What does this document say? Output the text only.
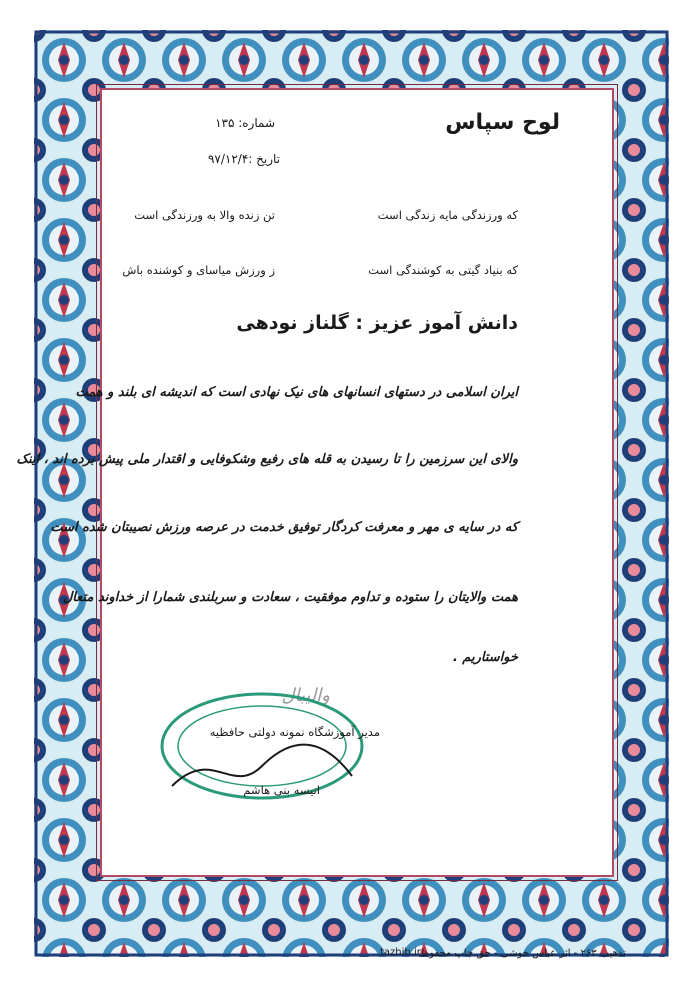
لوح سپاس
شماره: ۱۳۵
تاریخ :۹۷/۱۲/۴
تن زنده والا به ورزندگی است	که ورزندگی مایه زندگی است
ز ورزش میاسای و کوشنده باش	که بنیاد گیتی به کوشندگی است
دانش آموز عزیز : گلناز نودهی
ایران اسلامی در دستهای انسانهای های نیک نهادی است که اندیشه ای بلند و همت
والای این سرزمین را تا رسیدن به قله های رفیع وشکوفایی و اقتدار ملی پیش برده اند ، اینک
که در سایه ی مهر و معرفت کردگار توفیق خدمت در عرصه ورزش نصیبتان شده است
همت والایتان را ستوده و تداوم موفقیت ، سعادت و سربلندی شمارا از خداوند متعال
خواستاریم .
والیبال
مدیر آموزشگاه نمونه دولتی حافظیه
انیسه بنی هاشم
tazhib.ir تذهیب ۲۶۳ - اثر عباس خوشی - حق چاپ محفوظ
